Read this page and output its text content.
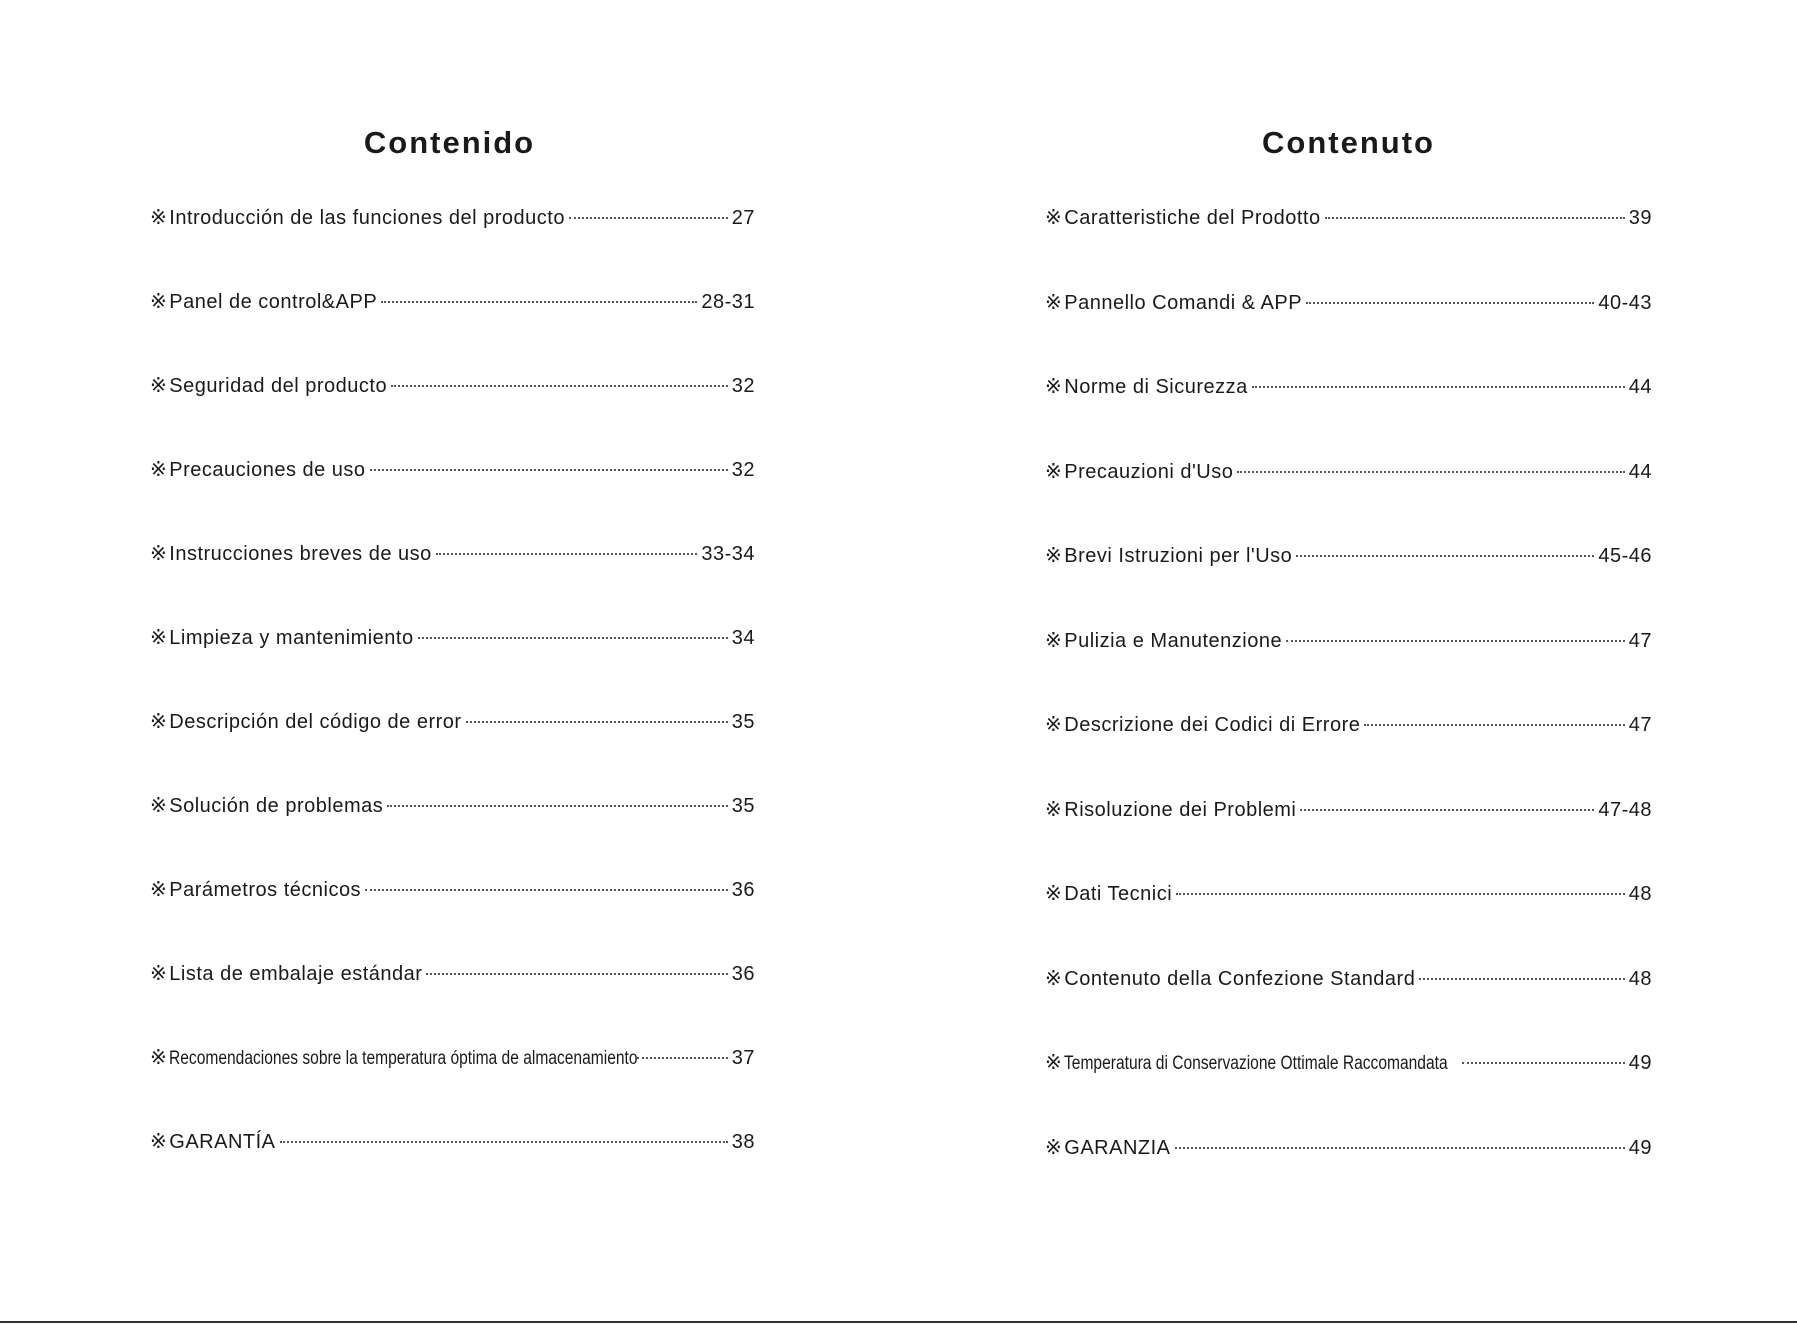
Contenido
※ Introducción de las funciones del producto	27
※ Panel de control&APP	28-31
※ Seguridad del producto	32
※ Precauciones de uso	32
※ Instrucciones breves de uso	33-34
※ Limpieza y mantenimiento	34
※ Descripción del código de error	35
※ Solución de problemas	35
※ Parámetros técnicos	36
※ Lista de embalaje estándar	36
※ Recomendaciones sobre la temperatura óptima de almacenamiento	37
※ GARANTÍA	38
Contenuto
※ Caratteristiche del Prodotto	39
※ Pannello Comandi & APP	40-43
※ Norme di Sicurezza	44
※ Precauzioni d'Uso	44
※ Brevi Istruzioni per l'Uso	45-46
※ Pulizia e Manutenzione	47
※ Descrizione dei Codici di Errore	47
※ Risoluzione dei Problemi	47-48
※ Dati Tecnici	48
※ Contenuto della Confezione Standard	48
※ Temperatura di Conservazione Ottimale Raccomandata	49
※ GARANZIA	49
